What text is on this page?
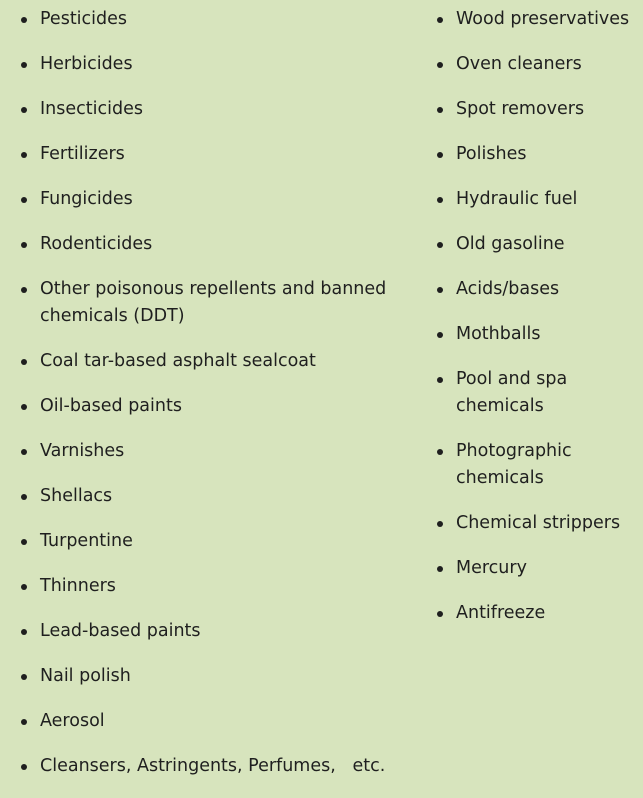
Pesticides
Herbicides
Insecticides
Fertilizers
Fungicides
Rodenticides
Other poisonous repellents and banned chemicals (DDT)
Coal tar-based asphalt sealcoat
Oil-based paints
Varnishes
Shellacs
Turpentine
Thinners
Lead-based paints
Nail polish
Aerosol
Cleansers, Astringents, Perfumes,   etc.
Wood preservatives
Oven cleaners
Spot removers
Polishes
Hydraulic fuel
Old gasoline
Acids/bases
Mothballs
Pool and spa chemicals
Photographic chemicals
Chemical strippers
Mercury
Antifreeze
